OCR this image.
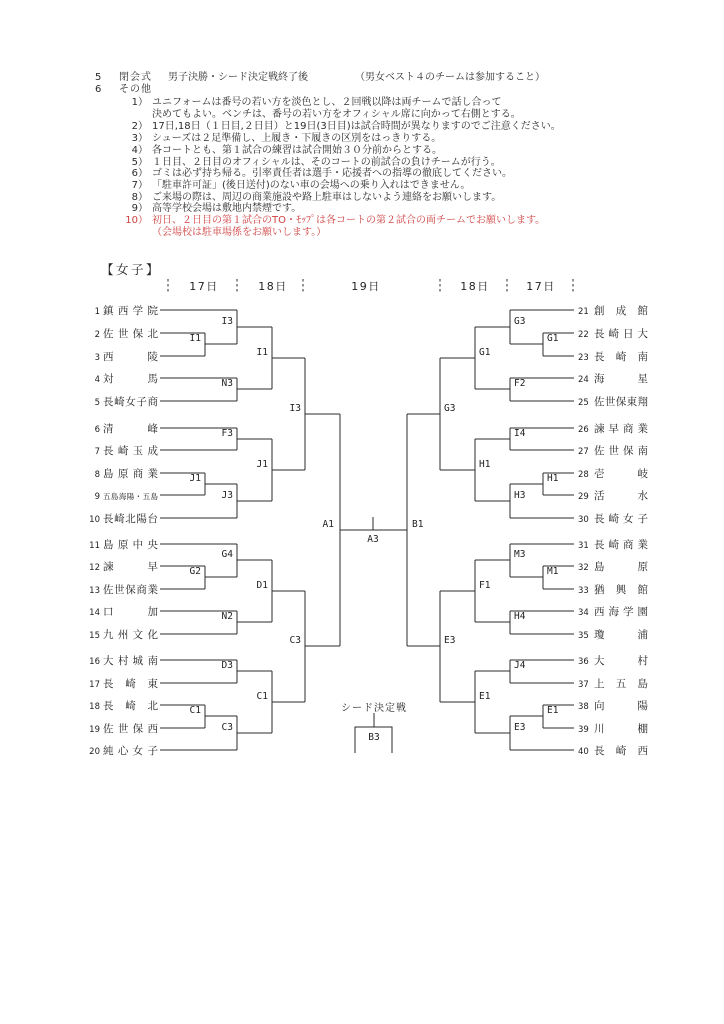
5 閉会式 男子決勝・シード決定戦終了後	（男女ベスト４のチームは参加すること）
6 その他
1） ユニフォームは番号の若い方を淡色とし、２回戦以降は両チームで話し合って
決めてもよい。ベンチは、番号の若い方をオフィシャル席に向かって右側とする。
2） 17日,18日（１日目,２日目）と19日(3日目)は試合時間が異なりますのでご注意ください。
3） シューズは２足準備し、上履き・下履きの区別をはっきりする。
4） 各コートとも、第１試合の練習は試合開始３０分前からとする。
5） １日目、２日目のオフィシャルは、そのコートの前試合の負けチームが行う。
6） ゴミは必ず持ち帰る。引率責任者は選手・応援者への指導の徹底してください。
7） 「駐車許可証」(後日送付)のない車の会場への乗り入れはできません。
8） ご来場の際は、周辺の商業施設や路上駐車はしないよう連絡をお願いします。
9） 高等学校会場は敷地内禁煙です。
10） 初日、２日目の第１試合のTO・ﾓｯﾌﾟは各コートの第２試合の両チームでお願いします。
（会場校は駐車場係をお願いします。）
【女子】
17日	18日	19日	18日	17日
1 鎮西学院
2 佐世保北
3 西陵
4 対馬
5 長崎女子商
6 清峰
7 長崎玉成
8 島原商業
9 五島海陽・五島
10 長崎北陽台
11 島原中央
12 諫早
13 佐世保商業
14 口加
15 九州文化
16 大村城南
17 長崎東
18 長崎北
19 佐世保西
20 純心女子
21 創成館
22 長崎日大
23 長崎南
24 海星
25 佐世保東翔
26 諫早商業
27 佐世保南
28 壱岐
29 活水
30 長崎女子
31 長崎商業
32 島原
33 猶興館
34 西海学園
35 瓊浦
36 大村
37 上五島
38 向陽
39 川棚
40 長崎西
I3
I1
N3
I1
F3
J1
J3
J1
I3
G4
G2
N2
D1
D3
C1
C3
C1
C3
A1
G3
G1
F2
G1
I4
H1
H3
H1
G3
M3
M1
H4
F1
J4
E1
E3
E1
E3
B1
A3
B3
シード決定戦
